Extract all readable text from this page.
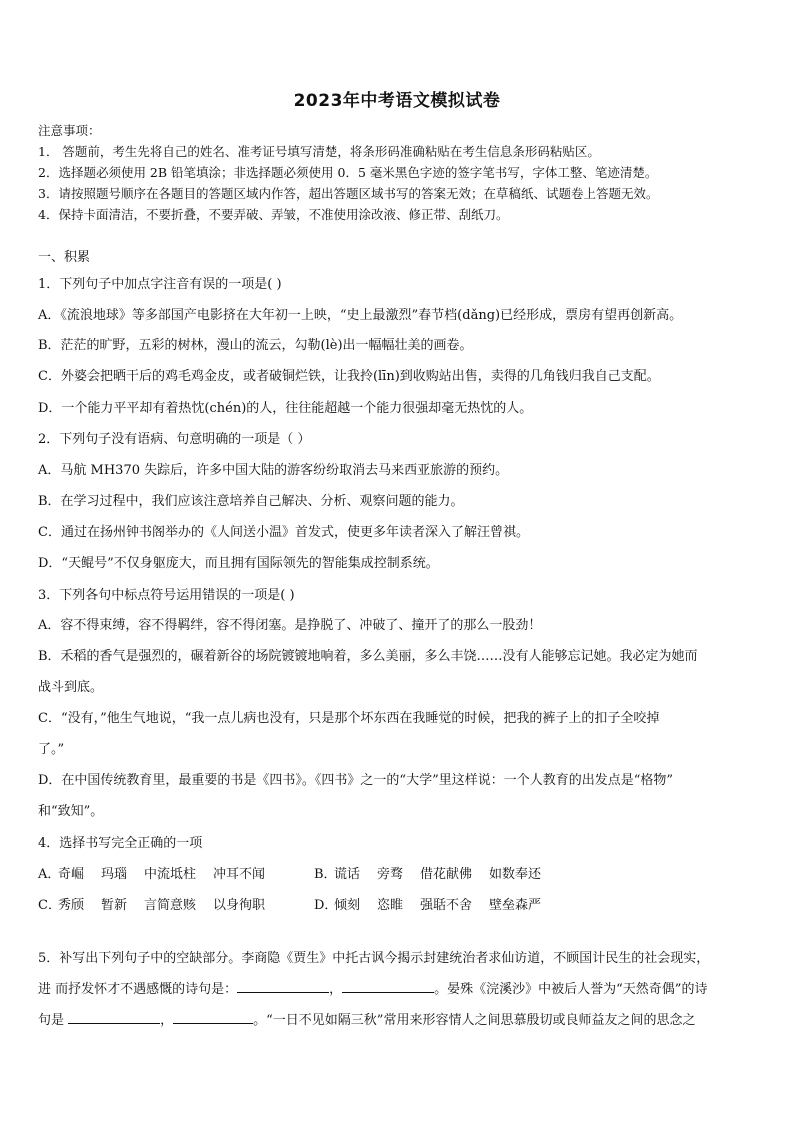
2023年中考语文模拟试卷
注意事项：
1． 答题前，考生先将自己的姓名、准考证号填写清楚，将条形码准确粘贴在考生信息条形码粘贴区。
2．选择题必须使用 2B 铅笔填涂；非选择题必须使用 0．5 毫米黑色字迹的签字笔书写，字体工整、笔迹清楚。
3．请按照题号顺序在各题目的答题区域内作答，超出答题区域书写的答案无效；在草稿纸、试题卷上答题无效。
4．保持卡面清洁，不要折叠，不要弄破、弄皱，不准使用涂改液、修正带、刮纸刀。
一、积累
1．下列句子中加点字注音有误的一项是( )
A．《流浪地球》等多部国产电影挤在大年初一上映，“史上最激烈”春节档(dǎng)已经形成，票房有望再创新高。
B．茫茫的旷野，五彩的树林，漫山的流云，勾勒(lè)出一幅幅壮美的画卷。
C．外婆会把晒干后的鸡毛鸡金皮，或者破铜烂铁，让我拎(līn)到收购站出售，卖得的几角钱归我自己支配。
D．一个能力平平却有着热忱(chén)的人，往往能超越一个能力很强却毫无热忱的人。
2．下列句子没有语病、句意明确的一项是（ ）
A．马航 MH370 失踪后，许多中国大陆的游客纷纷取消去马来西亚旅游的预约。
B．在学习过程中，我们应该注意培养自己解决、分析、观察问题的能力。
C．通过在扬州钟书阁举办的《人间送小温》首发式，使更多年读者深入了解汪曾祺。
D．“天鲲号”不仅身躯庞大，而且拥有国际领先的智能集成控制系统。
3．下列各句中标点符号运用错误的一项是( )
A．容不得束缚，容不得羁绊，容不得闭塞。是挣脱了、冲破了、撞开了的那么一股劲！
B．禾稻的香气是强烈的，碾着新谷的场院镀镀地响着，多么美丽，多么丰饶……没有人能够忘记她。我必定为她而
战斗到底。
C．“没有，”他生气地说，“我一点儿病也没有，只是那个坏东西在我睡觉的时候，把我的裤子上的扣子全咬掉
了。”
D．在中国传统教育里，最重要的书是《四书》。《四书》之一的“大学”里这样说：一个人教育的出发点是“格物”
和“致知”。
4．选择书写完全正确的一项
A．奇崛 玛瑙 中流坻柱 冲耳不闻	B．谎话 旁骛 借花献佛 如数奉还
C．秀颀 暂新 言简意赅 以身徇职	D．倾刻 恣睢 强聒不舍 壁垒森严
5．补写出下列句子中的空缺部分。李商隐《贾生》中托古讽今揭示封建统治者求仙访道，不顾国计民生的社会现实，
进 而抒发怀才不遇感慨的诗句是：	，	。晏殊《浣溪沙》中被后人誉为“天然奇偶”的诗
句是	，	。“一日不见如隔三秋”常用来形容情人之间思慕殷切或良师益友之间的思念之
